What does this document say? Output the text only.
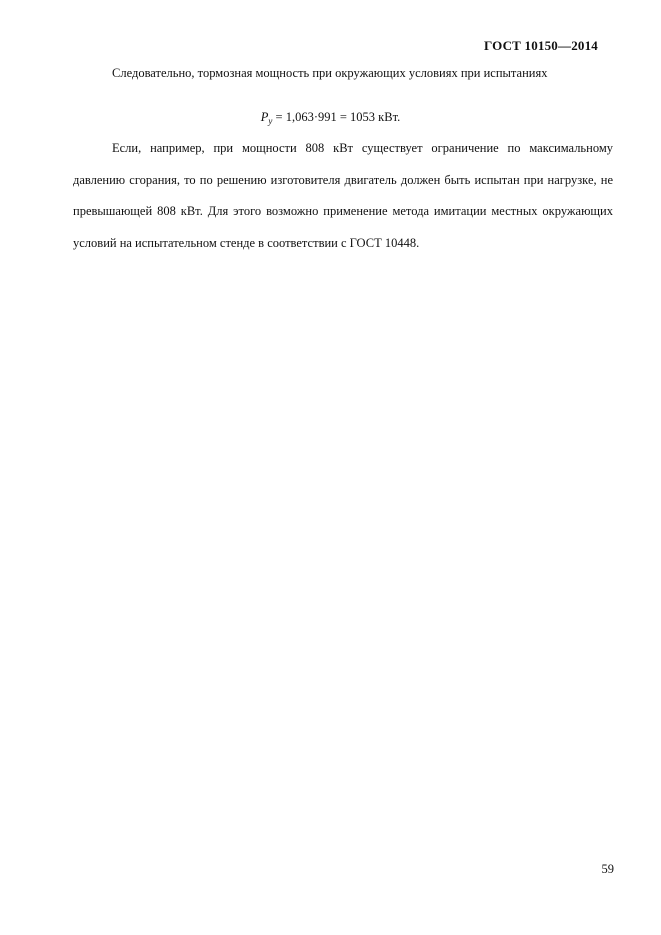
ГОСТ 10150—2014
Следовательно, тормозная мощность при окружающих условиях при испытаниях
$P_y = 1,063\cdot 991 = 1053$ кВт.
Если, например, при мощности 808 кВт существует ограничение по максимальному давлению сгорания, то по решению изготовителя двигатель должен быть испытан при нагрузке, не превышающей 808 кВт. Для этого возможно применение метода имитации местных окружающих условий на испытательном стенде в соответствии с ГОСТ 10448.
59
